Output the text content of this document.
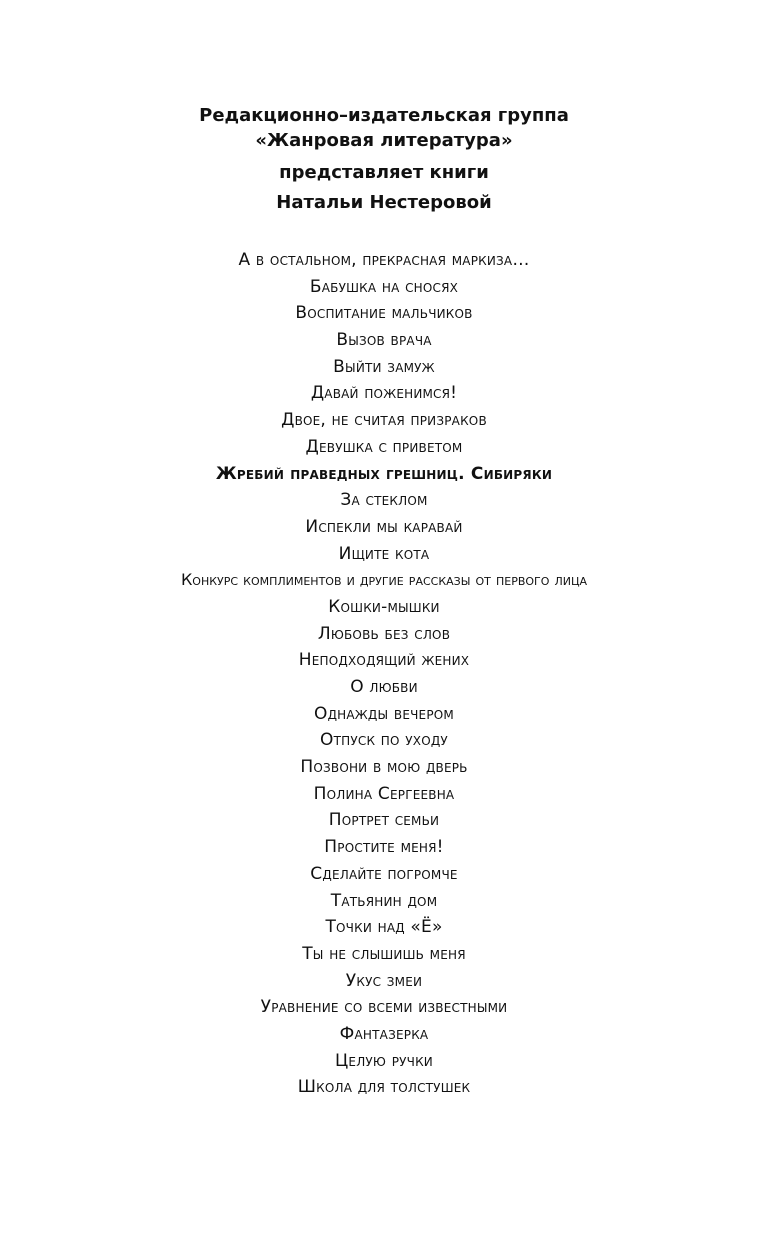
Редакционно–издательская группа
«Жанровая литература»
представляет книги
Натальи Нестеровой
А в остальном, прекрасная маркиза…
Бабушка на сносях
Воспитание мальчиков
Вызов врача
Выйти замуж
Давай поженимся!
Двое, не считая призраков
Девушка с приветом
Жребий праведных грешниц. Сибиряки
За стеклом
Испекли мы каравай
Ищите кота
Конкурс комплиментов и другие рассказы от первого лица
Кошки-мышки
Любовь без слов
Неподходящий жених
О любви
Однажды вечером
Отпуск по уходу
Позвони в мою дверь
Полина Сергеевна
Портрет семьи
Простите меня!
Сделайте погромче
Татьянин дом
Точки над «Ё»
Ты не слышишь меня
Укус змеи
Уравнение со всеми известными
Фантазерка
Целую ручки
Школа для толстушек
